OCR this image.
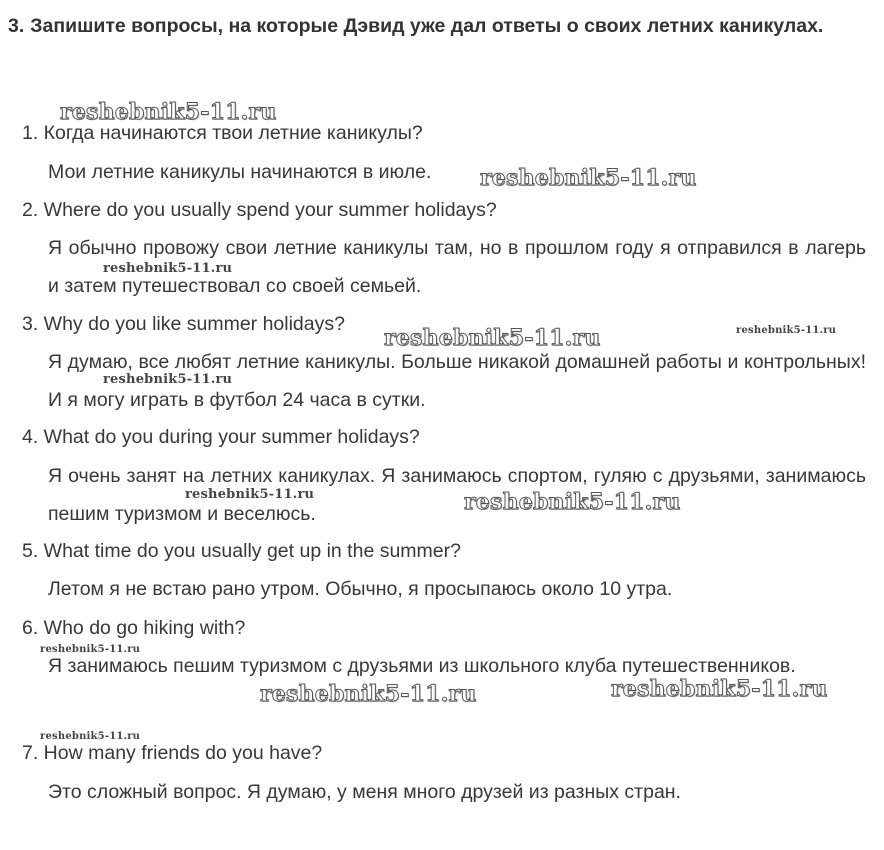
3. Запишите вопросы, на которые Дэвид уже дал ответы о своих летних каникулах.

1. Когда начинаются твои летние каникулы?

Мои летние каникулы начинаются в июле.

2. Where do you usually spend your summer holidays?

Я обычно провожу свои летние каникулы там, но в прошлом году я отправился в лагерь и затем путешествовал со своей семьей.

3. Why do you like summer holidays?

Я думаю, все любят летние каникулы. Больше никакой домашней работы и контрольных! И я могу играть в футбол 24 часа в сутки.

4. What do you during your summer holidays?

Я очень занят на летних каникулах. Я занимаюсь спортом, гуляю с друзьями, занимаюсь пешим туризмом и веселюсь.

5. What time do you usually get up in the summer?

Летом я не встаю рано утром. Обычно, я просыпаюсь около 10 утра.

6. Who do go hiking with?

Я занимаюсь пешим туризмом с друзьями из школьного клуба путешественников.

7. How many friends do you have?

Это сложный вопрос. Я думаю, у меня много друзей из разных стран.

reshebnik5-11.ru
reshebnik5-11.ru
reshebnik5-11.ru
reshebnik5-11.ru	reshebnik5-11.ru
reshebnik5-11.ru
reshebnik5-11.ru	reshebnik5-11.ru
reshebnik5-11.ru
reshebnik5-11.ru	reshebnik5-11.ru
reshebnik5-11.ru
